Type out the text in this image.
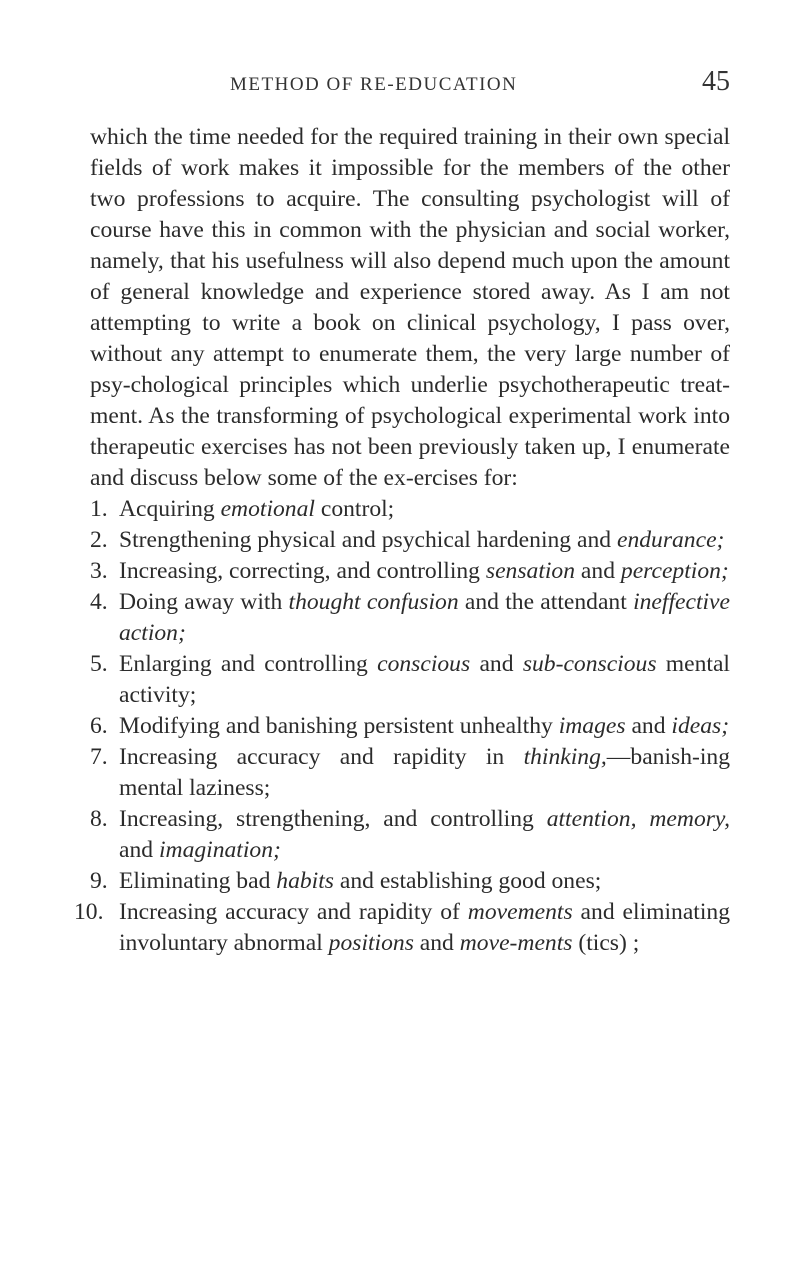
METHOD OF RE-EDUCATION	45

which the time needed for the required training in their own special fields of work makes it impossible for the members of the other two professions to acquire. The consulting psychologist will of course have this in common with the physician and social worker, namely, that his usefulness will also depend much upon the amount of general knowledge and experience stored away. As I am not attempting to write a book on clinical psychology, I pass over, without any attempt to enumerate them, the very large number of psy-chological principles which underlie psychotherapeutic treat-ment. As the transforming of psychological experimental work into therapeutic exercises has not been previously taken up, I enumerate and discuss below some of the ex-ercises for:

1. Acquiring emotional control;
2. Strengthening physical and psychical hardening and endurance;
3. Increasing, correcting, and controlling sensation and perception;
4. Doing away with thought confusion and the attendant ineffective action;
5. Enlarging and controlling conscious and sub-conscious mental activity;
6. Modifying and banishing persistent unhealthy images and ideas;
7. Increasing accuracy and rapidity in thinking,—banish-ing mental laziness;
8. Increasing, strengthening, and controlling attention, memory, and imagination;
9. Eliminating bad habits and establishing good ones;
10. Increasing accuracy and rapidity of movements and eliminating involuntary abnormal positions and move-ments (tics) ;
